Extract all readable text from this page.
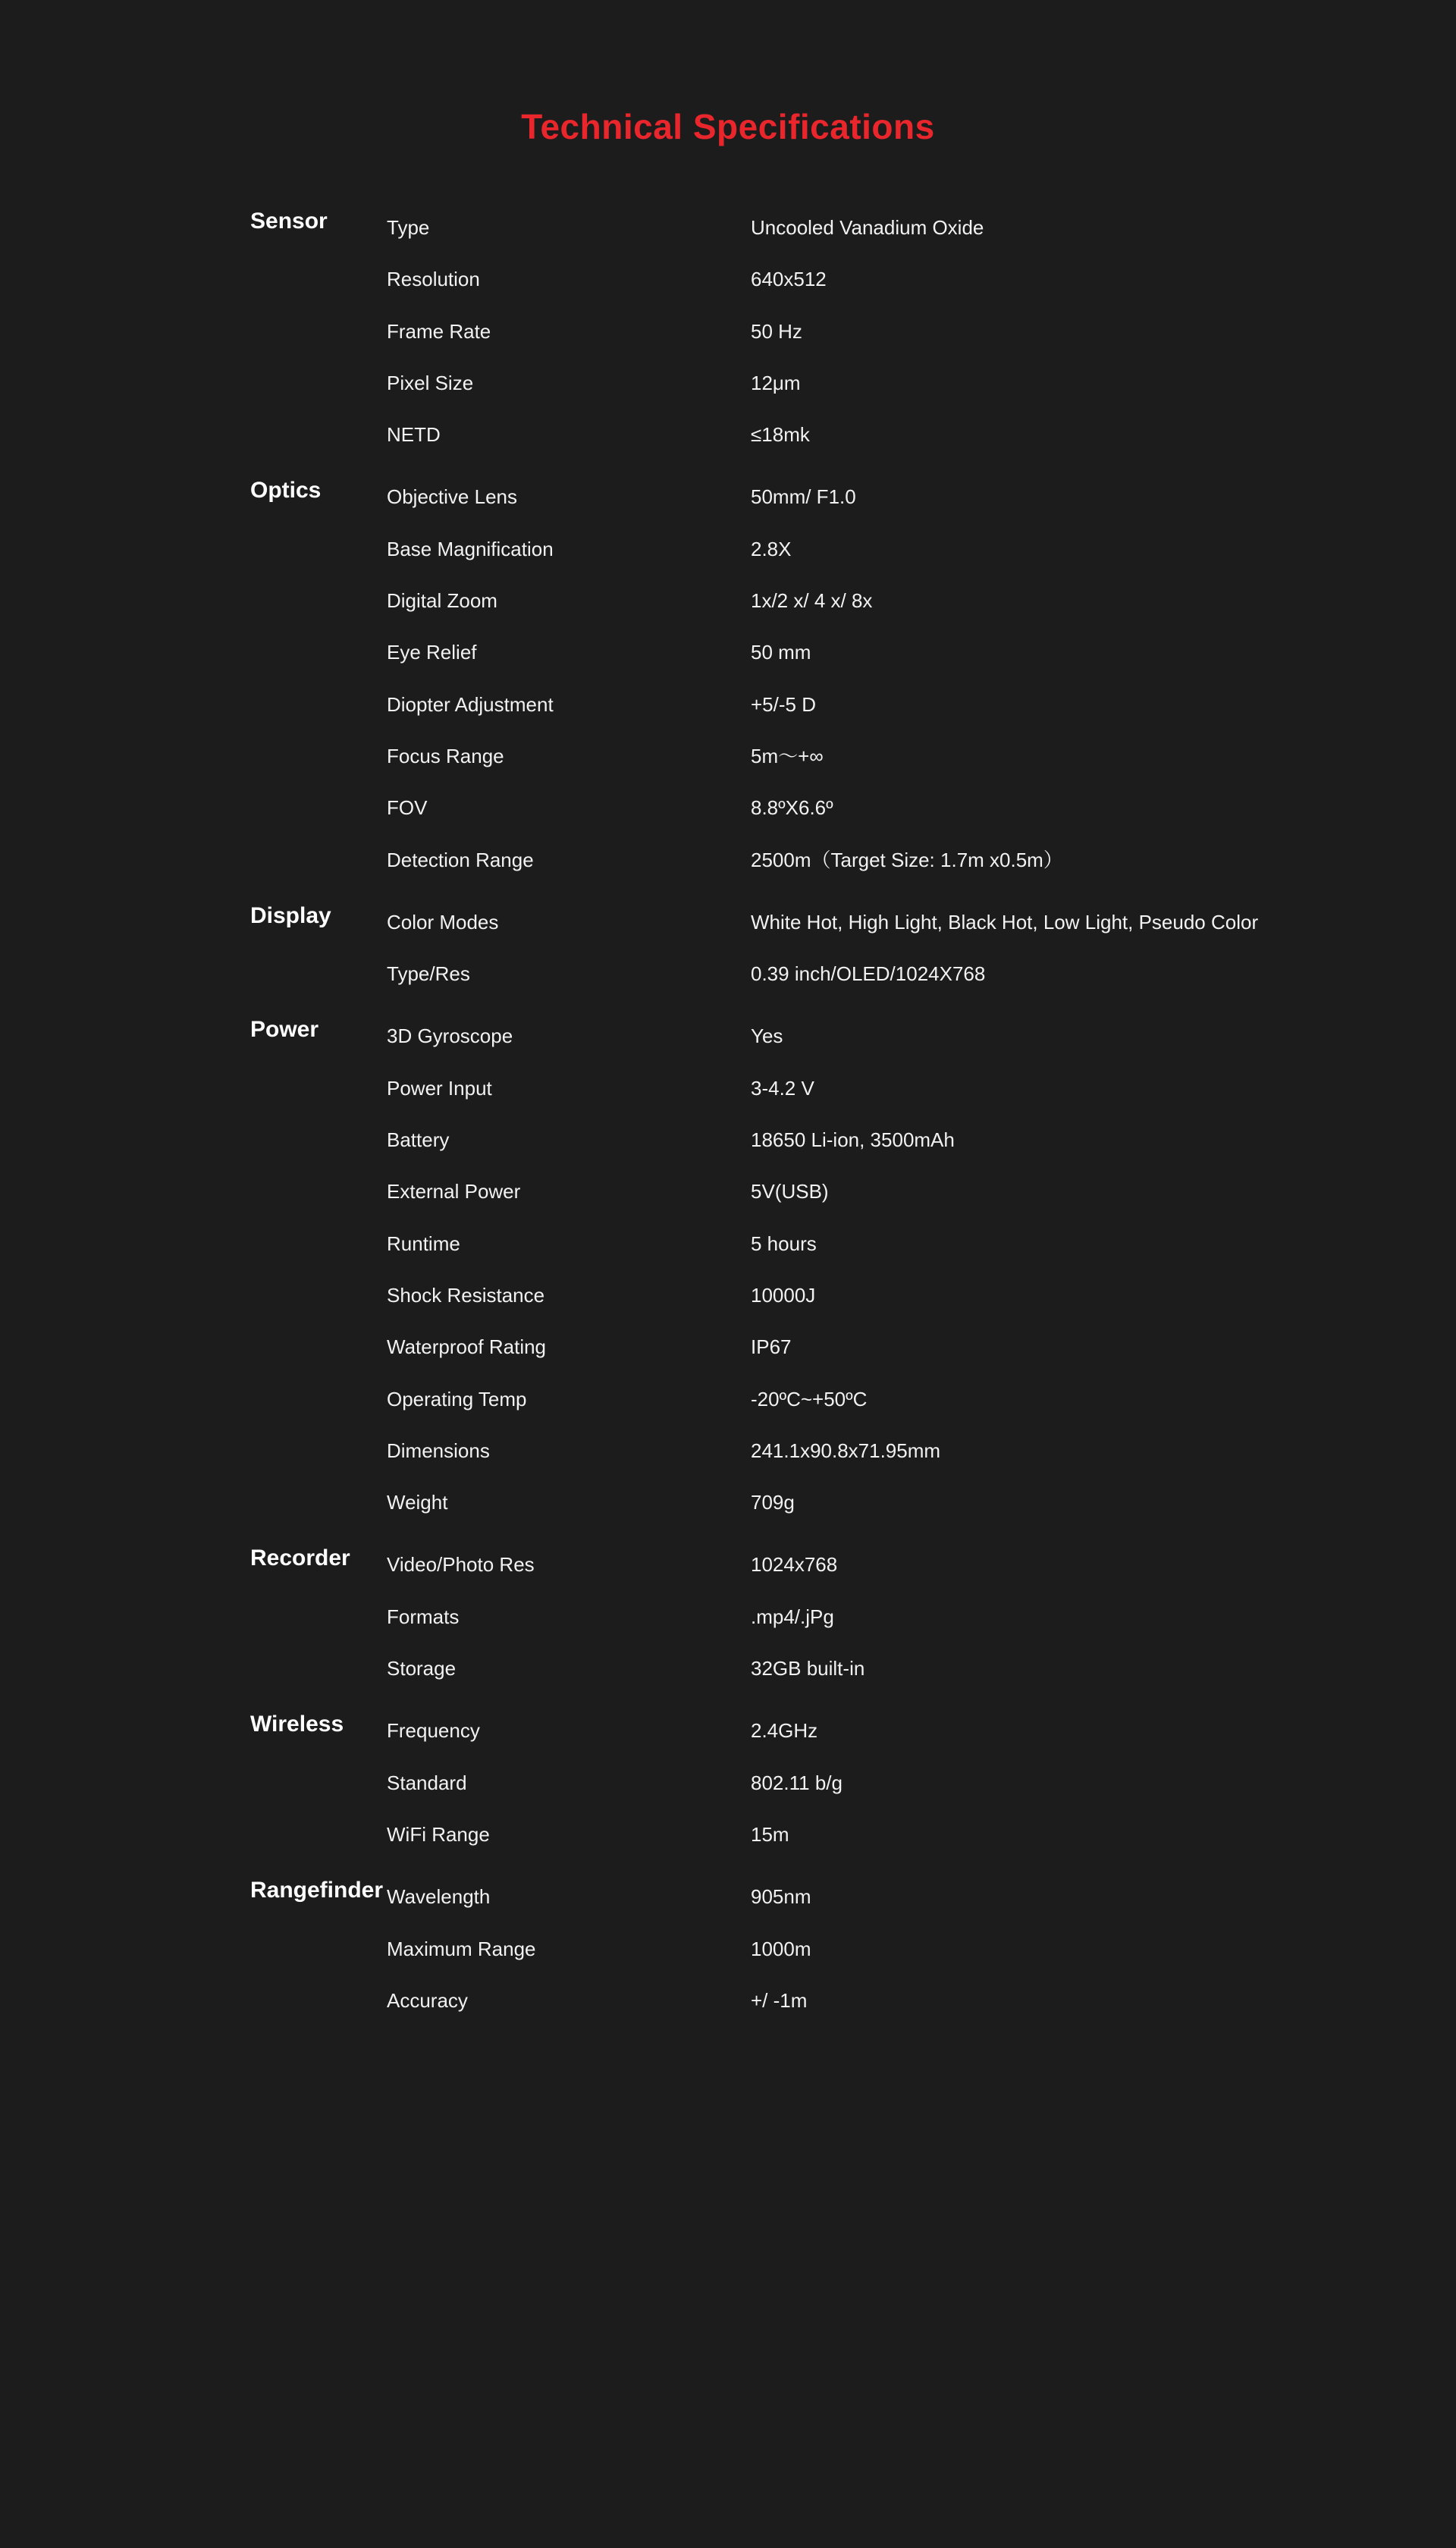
Technical Specifications
Sensor	Type	Uncooled Vanadium Oxide
Resolution	640x512
Frame Rate	50 Hz
Pixel Size	12μm
NETD	≤18mk
Optics	Objective Lens	50mm/ F1.0
Base Magnification	2.8X
Digital Zoom	1x/2 x/ 4 x/ 8x
Eye Relief	50 mm
Diopter Adjustment	+5/-5 D
Focus Range	5m～+∞
FOV	8.8ºX6.6º
Detection Range	2500m（Target Size: 1.7m x0.5m）
Display	Color Modes	White Hot, High Light, Black Hot, Low Light, Pseudo Color
Type/Res	0.39 inch/OLED/1024X768
Power	3D Gyroscope	Yes
Power Input	3-4.2 V
Battery	18650 Li-ion, 3500mAh
External Power	5V(USB)
Runtime	5 hours
Shock Resistance	10000J
Waterproof Rating	IP67
Operating Temp	-20ºC~+50ºC
Dimensions	241.1x90.8x71.95mm
Weight	709g
Recorder	Video/Photo Res	1024x768
Formats	.mp4/.jPg
Storage	32GB built-in
Wireless	Frequency	2.4GHz
Standard	802.11 b/g
WiFi Range	15m
Rangefinder Wavelength	905nm
Maximum Range	1000m
Accuracy	+/ -1m
